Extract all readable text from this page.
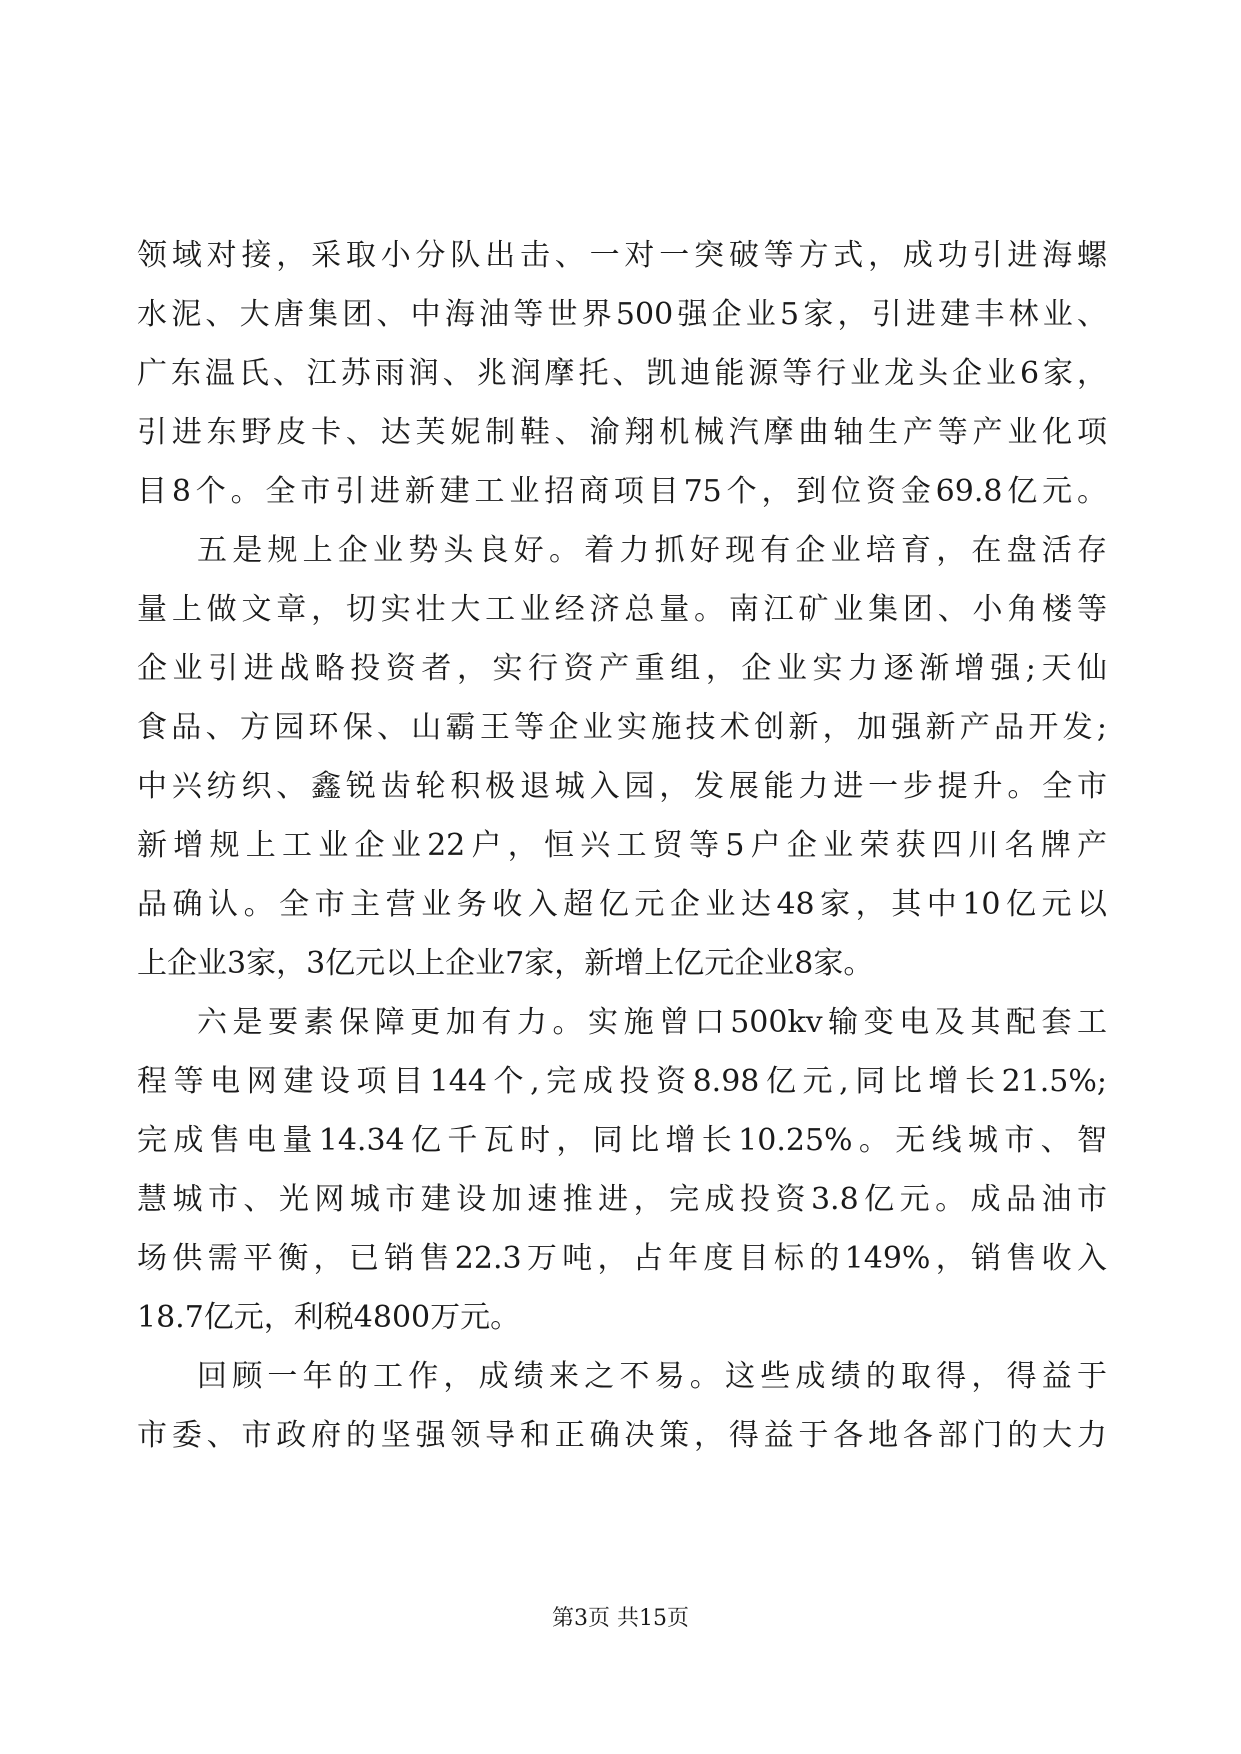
领域对接，采取小分队出击、一对一突破等方式，成功引进海螺
水泥、大唐集团、中海油等世界500强企业5家，引进建丰林业、
广东温氏、江苏雨润、兆润摩托、凯迪能源等行业龙头企业6家，
引进东野皮卡、达芙妮制鞋、渝翔机械汽摩曲轴生产等产业化项
目8个。全市引进新建工业招商项目75个，到位资金69.8亿元。
五是规上企业势头良好。着力抓好现有企业培育，在盘活存
量上做文章，切实壮大工业经济总量。南江矿业集团、小角楼等
企业引进战略投资者，实行资产重组，企业实力逐渐增强;天仙
食品、方园环保、山霸王等企业实施技术创新，加强新产品开发;
中兴纺织、鑫锐齿轮积极退城入园，发展能力进一步提升。全市
新增规上工业企业22户，恒兴工贸等5户企业荣获四川名牌产
品确认。全市主营业务收入超亿元企业达48家，其中10亿元以
上企业3家，3亿元以上企业7家，新增上亿元企业8家。
六是要素保障更加有力。实施曾口500kv输变电及其配套工
程等电网建设项目144个,完成投资8.98亿元,同比增长21.5%;
完成售电量14.34亿千瓦时，同比增长10.25%。无线城市、智
慧城市、光网城市建设加速推进，完成投资3.8亿元。成品油市
场供需平衡，已销售22.3万吨，占年度目标的149%，销售收入
18.7亿元，利税4800万元。
回顾一年的工作，成绩来之不易。这些成绩的取得，得益于
市委、市政府的坚强领导和正确决策，得益于各地各部门的大力
第3页 共15页
